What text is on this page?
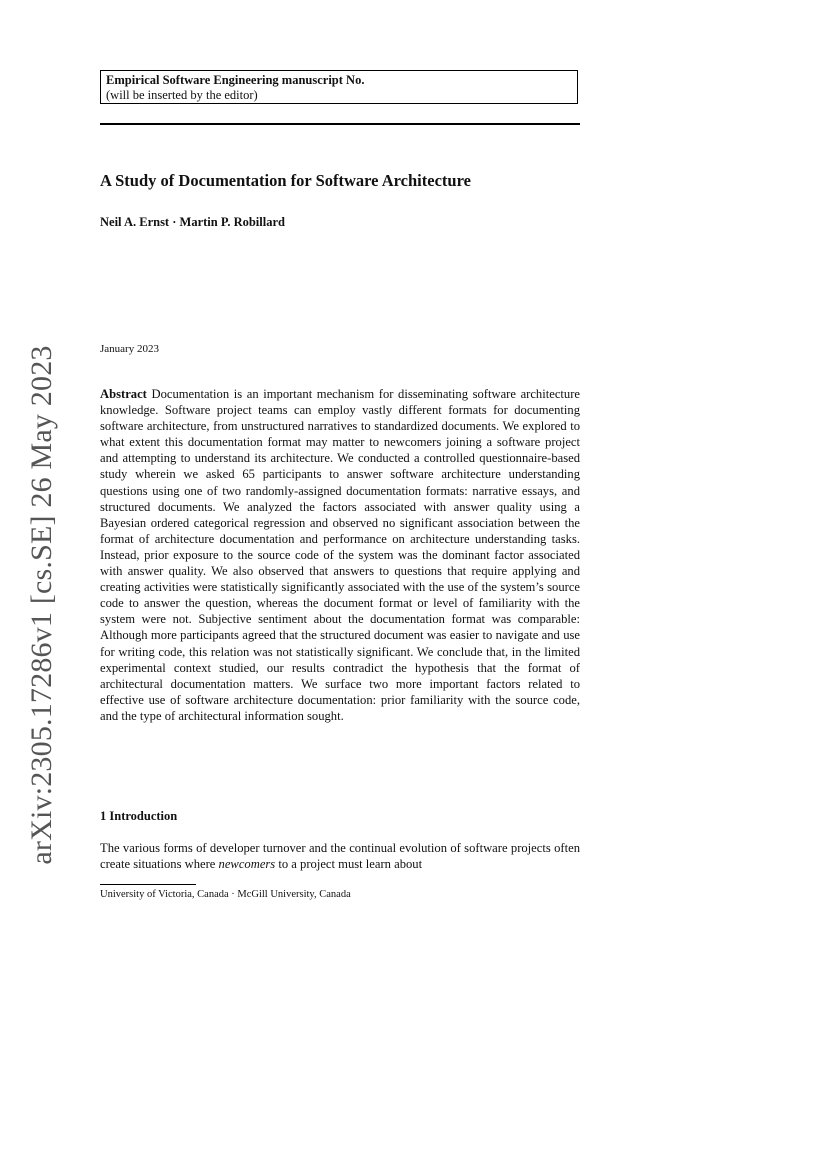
arXiv:2305.17286v1 [cs.SE] 26 May 2023
Empirical Software Engineering manuscript No.
(will be inserted by the editor)
A Study of Documentation for Software Architecture
Neil A. Ernst · Martin P. Robillard
January 2023
Abstract Documentation is an important mechanism for disseminating software architecture knowledge. Software project teams can employ vastly different formats for documenting software architecture, from unstructured narratives to standardized documents. We explored to what extent this documentation format may matter to newcomers joining a software project and attempting to understand its architecture. We conducted a controlled questionnaire-based study wherein we asked 65 participants to answer software architecture understanding questions using one of two randomly-assigned documentation formats: narrative essays, and structured documents. We analyzed the factors associated with answer quality using a Bayesian ordered categorical regression and observed no significant association between the format of architecture documentation and performance on architecture understanding tasks. Instead, prior exposure to the source code of the system was the dominant factor associated with answer quality. We also observed that answers to questions that require applying and creating activities were statistically significantly associated with the use of the system’s source code to answer the question, whereas the document format or level of familiarity with the system were not. Subjective sentiment about the documentation format was comparable: Although more participants agreed that the structured document was easier to navigate and use for writing code, this relation was not statistically significant. We conclude that, in the limited experimental context studied, our results contradict the hypothesis that the format of architectural documentation matters. We surface two more important factors related to effective use of software architecture documentation: prior familiarity with the source code, and the type of architectural information sought.
1 Introduction
The various forms of developer turnover and the continual evolution of software projects often create situations where newcomers to a project must learn about
University of Victoria, Canada · McGill University, Canada
